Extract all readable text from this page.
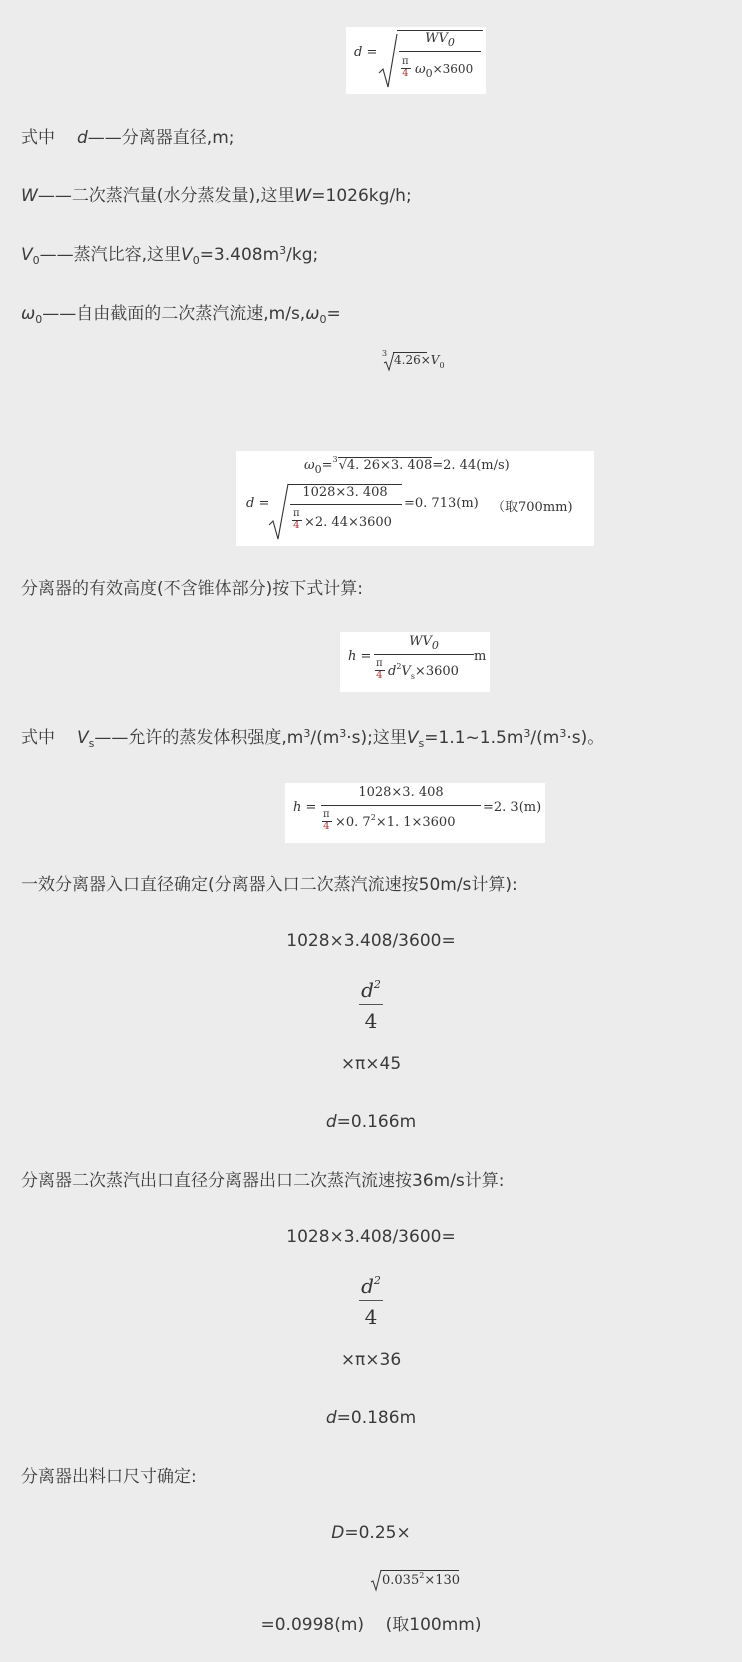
d =
$WV_0$
π
4 $\omega_0\times 3600$
式中 d——分离器直径,m;
W——二次蒸汽量(水分蒸发量),这里W=1026kg/h;
$V_0——$蒸汽比容,这里$V_0=3.408m^3/kg$;
$\omega_0——$自由截面的二次蒸汽流速$,m/s,\omega_0=$
3 $4.26\times V_0$
$\omega_0=^3√4$. 26×3. 408=2. 44(m/s)
d =
1028×3. 408
π
4 ×2. 44×3600
=0. 713(m) （取700mm)
分离器的有效高度(不含锥体部分)按下式计算:
h =
$WV_0$
π
4 $d^2V_s\times 3600$
m
式中 $V_s——$允许的蒸发体积强度$,m^3/(m^3\cdot s)$;这里$V_s=1.1\sim 1.5m^3/(m^3\cdot s)$。
h =
1028×3. 408
π
4 ×0. $7^2\times 1$. 1×3600
=2. 3(m)
一效分离器入口直径确定(分离器入口二次蒸汽流速按50m/s计算):
1028×3.408/3600=
$\frac{d^2}{4}$
×π×45
d=0.166m
分离器二次蒸汽出口直径分离器出口二次蒸汽流速按36m/s计算:
1028×3.408/3600=
$\frac{d^2}{4}$
×π×36
d=0.186m
分离器出料口尺寸确定:
D=0.25×
$0.035^2\times 130$
=0.0998(m)    (取100mm)
